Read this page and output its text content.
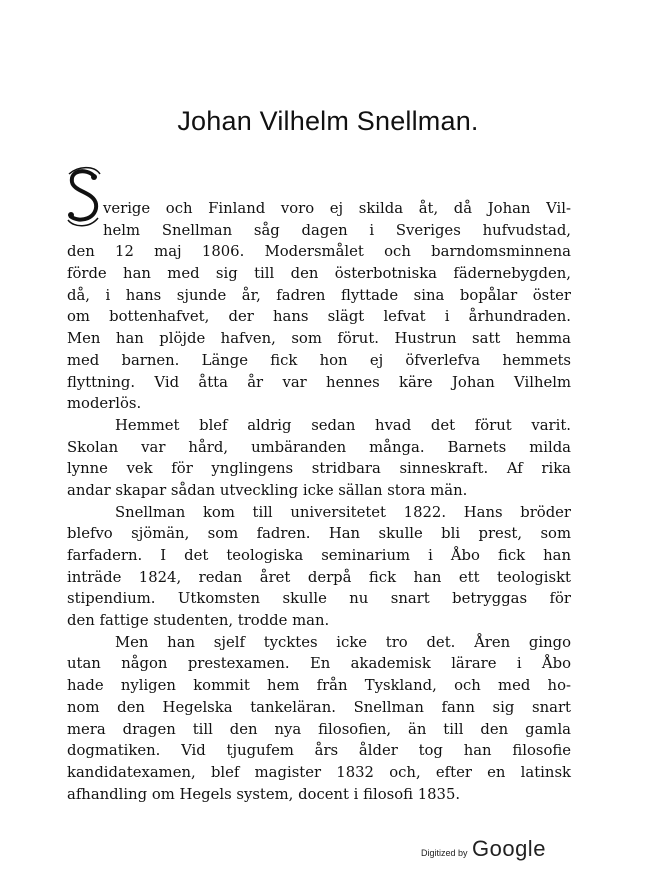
Johan Vilhelm Snellman.
verige och Finland voro ej skilda åt, då Johan Vil-
helm Snellman såg dagen i Sveriges hufvudstad,
den 12 maj 1806. Modersmålet och barndomsminnena
förde han med sig till den österbotniska fädernebygden,
då, i hans sjunde år, fadren flyttade sina bopålar öster
om bottenhafvet, der hans slägt lefvat i århundraden.
Men han plöjde hafven, som förut. Hustrun satt hemma
med barnen. Länge fick hon ej öfverlefva hemmets
flyttning. Vid åtta år var hennes käre Johan Vilhelm
moderlös.
Hemmet blef aldrig sedan hvad det förut varit.
Skolan var hård, umbäranden många. Barnets milda
lynne vek för ynglingens stridbara sinneskraft. Af rika
andar skapar sådan utveckling icke sällan stora män.
Snellman kom till universitetet 1822. Hans bröder
blefvo sjömän, som fadren. Han skulle bli prest, som
farfadern. I det teologiska seminarium i Åbo fick han
inträde 1824, redan året derpå fick han ett teologiskt
stipendium. Utkomsten skulle nu snart betryggas för
den fattige studenten, trodde man.
Men han sjelf tycktes icke tro det. Åren gingo
utan någon prestexamen. En akademisk lärare i Åbo
hade nyligen kommit hem från Tyskland, och med ho-
nom den Hegelska tankeläran. Snellman fann sig snart
mera dragen till den nya filosofien, än till den gamla
dogmatiken. Vid tjugufem års ålder tog han filosofie
kandidatexamen, blef magister 1832 och, efter en latinsk
afhandling om Hegels system, docent i filosofi 1835.
Digitized by Google
